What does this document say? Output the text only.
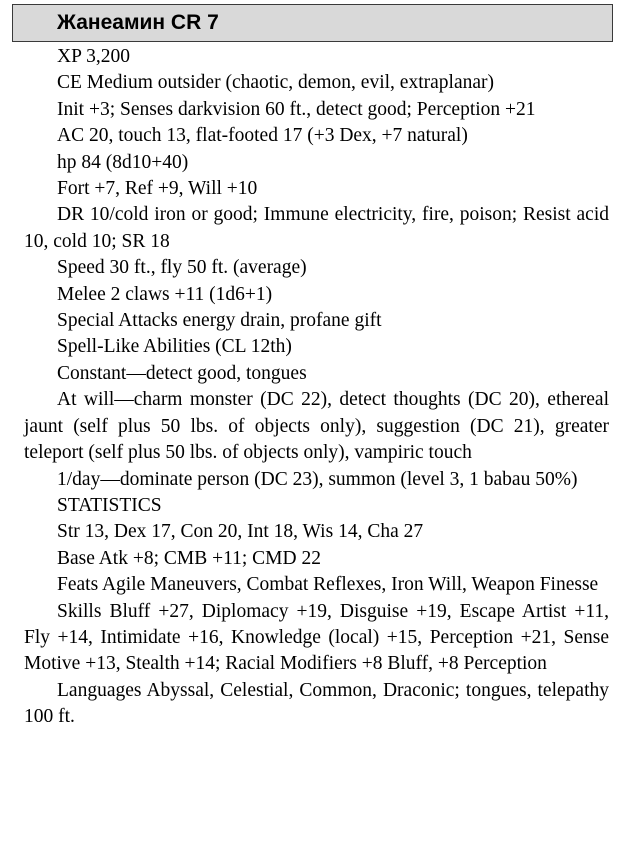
Жанеамин CR 7
XP 3,200
CE Medium outsider (chaotic, demon, evil, extraplanar)
Init +3; Senses darkvision 60 ft., detect good; Perception +21
AC 20, touch 13, flat-footed 17 (+3 Dex, +7 natural)
hp 84 (8d10+40)
Fort +7, Ref +9, Will +10
DR 10/cold iron or good; Immune electricity, fire, poison; Resist acid 10, cold 10; SR 18
Speed 30 ft., fly 50 ft. (average)
Melee 2 claws +11 (1d6+1)
Special Attacks energy drain, profane gift
Spell-Like Abilities (CL 12th)
Constant—detect good, tongues
At will—charm monster (DC 22), detect thoughts (DC 20), ethereal jaunt (self plus 50 lbs. of objects only), suggestion (DC 21), greater teleport (self plus 50 lbs. of objects only), vampiric touch
1/day—dominate person (DC 23), summon (level 3, 1 babau 50%)
STATISTICS
Str 13, Dex 17, Con 20, Int 18, Wis 14, Cha 27
Base Atk +8; CMB +11; CMD 22
Feats Agile Maneuvers, Combat Reflexes, Iron Will, Weapon Finesse
Skills Bluff +27, Diplomacy +19, Disguise +19, Escape Artist +11, Fly +14, Intimidate +16, Knowledge (local) +15, Perception +21, Sense Motive +13, Stealth +14; Racial Modifiers +8 Bluff, +8 Perception
Languages Abyssal, Celestial, Common, Draconic; tongues, telepathy 100 ft.
